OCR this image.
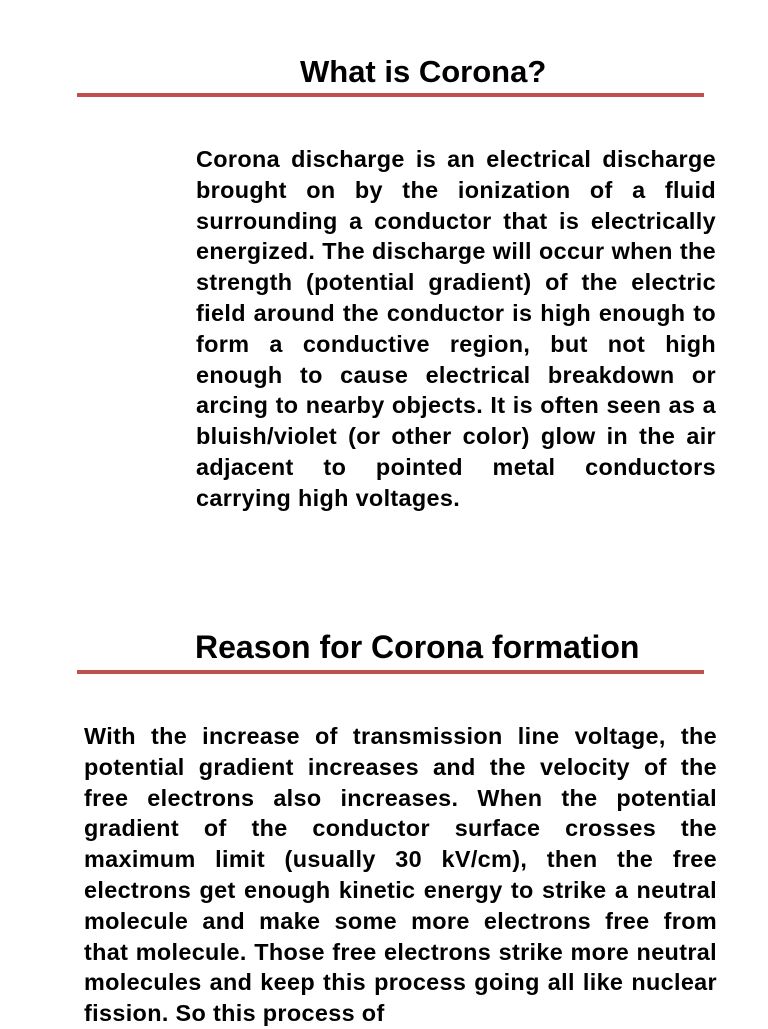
What is Corona?

Corona discharge is an electrical discharge brought on by the ionization of a fluid surrounding a conductor that is electrically energized. The discharge will occur when the strength (potential gradient) of the electric field around the conductor is high enough to form a conductive region, but not high enough to cause electrical breakdown or arcing to nearby objects. It is often seen as a bluish/violet (or other color) glow in the air adjacent to pointed metal conductors carrying high voltages.

Reason for Corona formation

With the increase of transmission line voltage, the potential gradient increases and the velocity of the free electrons also increases. When the potential gradient of the conductor surface crosses the maximum limit (usually 30 kV/cm), then the free electrons get enough kinetic energy to strike a neutral molecule and make some more electrons free from that molecule. Those free electrons strike more neutral molecules and keep this process going all like nuclear fission. So this process of
